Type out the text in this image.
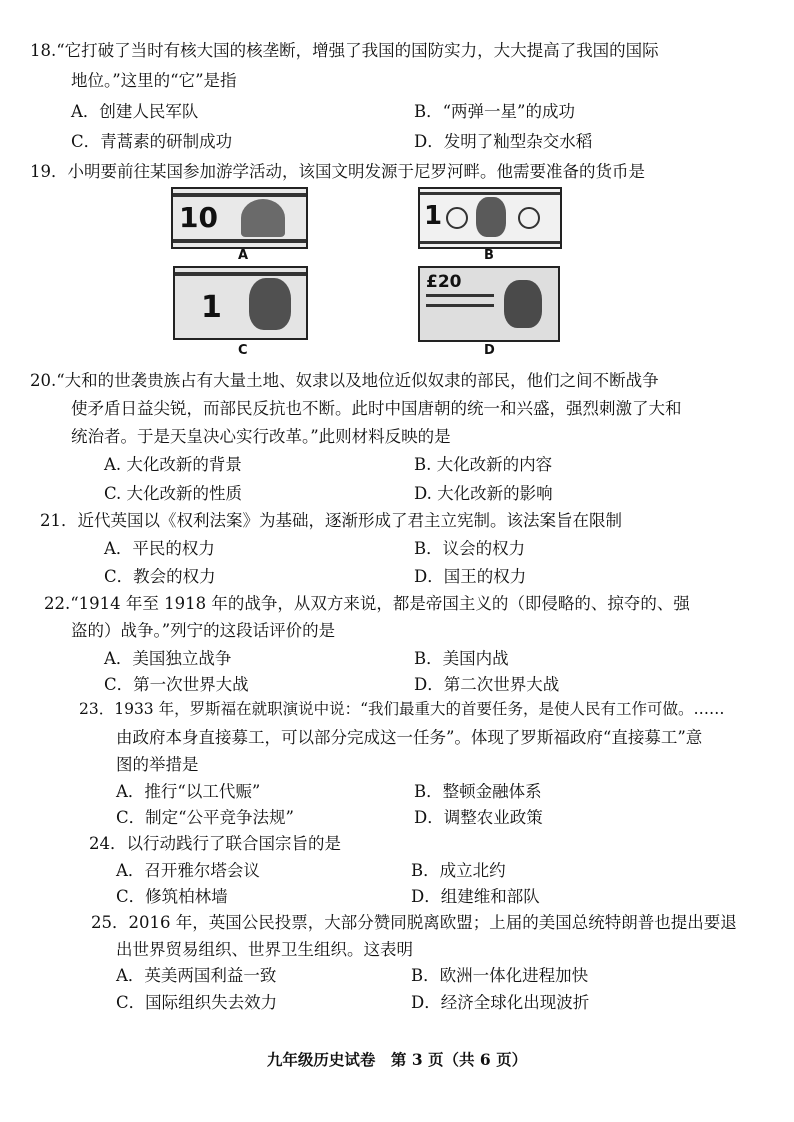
18.“它打破了当时有核大国的核垄断，增强了我国的国防实力，大大提高了我国的国际
地位。”这里的“它”是指
A．创建人民军队	B．“两弹一星”的成功
C．青蒿素的研制成功	D．发明了籼型杂交水稻
19．小明要前往某国参加游学活动，该国文明发源于尼罗河畔。他需要准备的货币是
10
A
1
B
1
C
£20
D
20.“大和的世袭贵族占有大量土地、奴隶以及地位近似奴隶的部民，他们之间不断战争
使矛盾日益尖锐，而部民反抗也不断。此时中国唐朝的统一和兴盛，强烈刺激了大和
统治者。于是天皇决心实行改革。”此则材料反映的是
A. 大化改新的背景	B. 大化改新的内容
C. 大化改新的性质	D. 大化改新的影响
21．近代英国以《权利法案》为基础，逐渐形成了君主立宪制。该法案旨在限制
A．平民的权力	B．议会的权力
C．教会的权力	D．国王的权力
22.“1914 年至 1918 年的战争，从双方来说，都是帝国主义的（即侵略的、掠夺的、强
盗的）战争。”列宁的这段话评价的是
A．美国独立战争	B．美国内战
C．第一次世界大战	D．第二次世界大战
23．1933 年，罗斯福在就职演说中说：“我们最重大的首要任务，是使人民有工作可做。……
由政府本身直接募工，可以部分完成这一任务”。体现了罗斯福政府“直接募工”意
图的举措是
A．推行“以工代赈”	B．整顿金融体系
C．制定“公平竞争法规”	D．调整农业政策
24．以行动践行了联合国宗旨的是
A．召开雅尔塔会议	B．成立北约
C．修筑柏林墙	D．组建维和部队
25．2016 年，英国公民投票，大部分赞同脱离欧盟；上届的美国总统特朗普也提出要退
出世界贸易组织、世界卫生组织。这表明
A．英美两国利益一致	B．欧洲一体化进程加快
C．国际组织失去效力	D．经济全球化出现波折
九年级历史试卷　第 3 页（共 6 页）
